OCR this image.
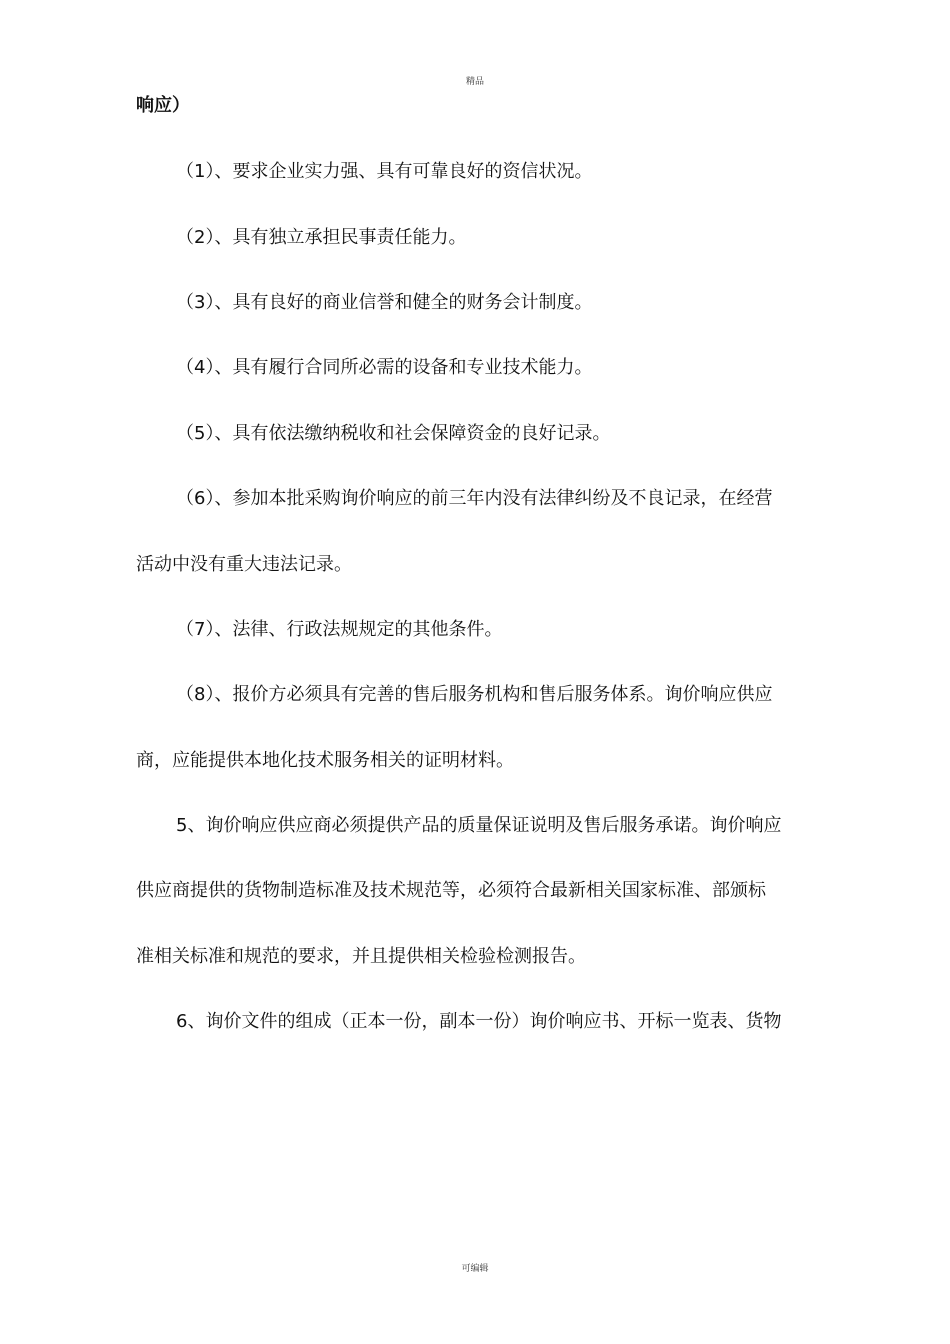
精品
响应）
（1）、要求企业实力强、具有可靠良好的资信状况。
（2）、具有独立承担民事责任能力。
（3）、具有良好的商业信誉和健全的财务会计制度。
（4）、具有履行合同所必需的设备和专业技术能力。
（5）、具有依法缴纳税收和社会保障资金的良好记录。
（6）、参加本批采购询价响应的前三年内没有法律纠纷及不良记录，在经营
活动中没有重大违法记录。
（7）、法律、行政法规规定的其他条件。
（8）、报价方必须具有完善的售后服务机构和售后服务体系。询价响应供应
商，应能提供本地化技术服务相关的证明材料。
5、询价响应供应商必须提供产品的质量保证说明及售后服务承诺。询价响应
供应商提供的货物制造标准及技术规范等，必须符合最新相关国家标准、部颁标
准相关标准和规范的要求，并且提供相关检验检测报告。
6、询价文件的组成（正本一份，副本一份）询价响应书、开标一览表、货物
可编辑
